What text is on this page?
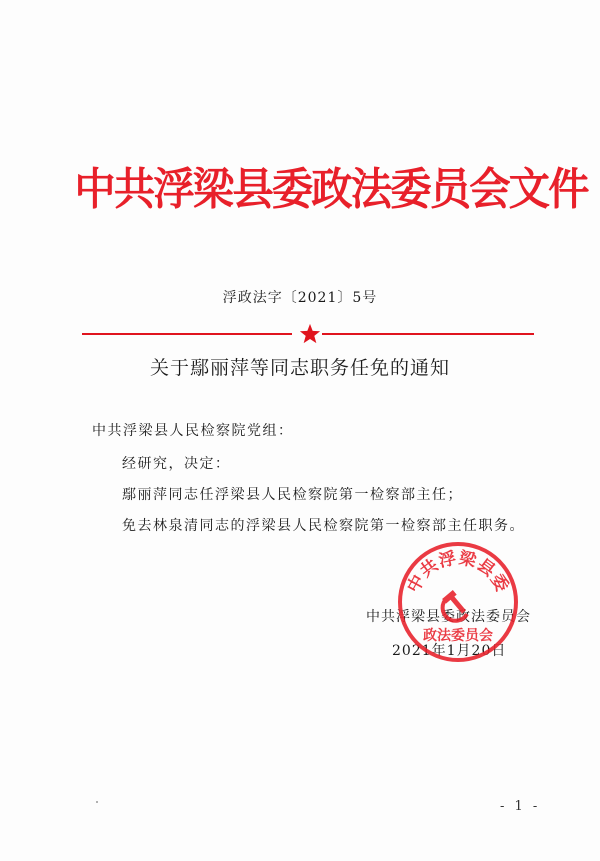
中共浮梁县委政法委员会文件
浮政法字〔2021〕5号
关于鄢丽萍等同志职务任免的通知
中共浮梁县人民检察院党组：
经研究，决定：
鄢丽萍同志任浮梁县人民检察院第一检察部主任；
免去林泉清同志的浮梁县人民检察院第一检察部主任职务。
中共浮梁县委政法委员会
2021年1月20日
中共浮梁县委
政法委员会
- 1 -
